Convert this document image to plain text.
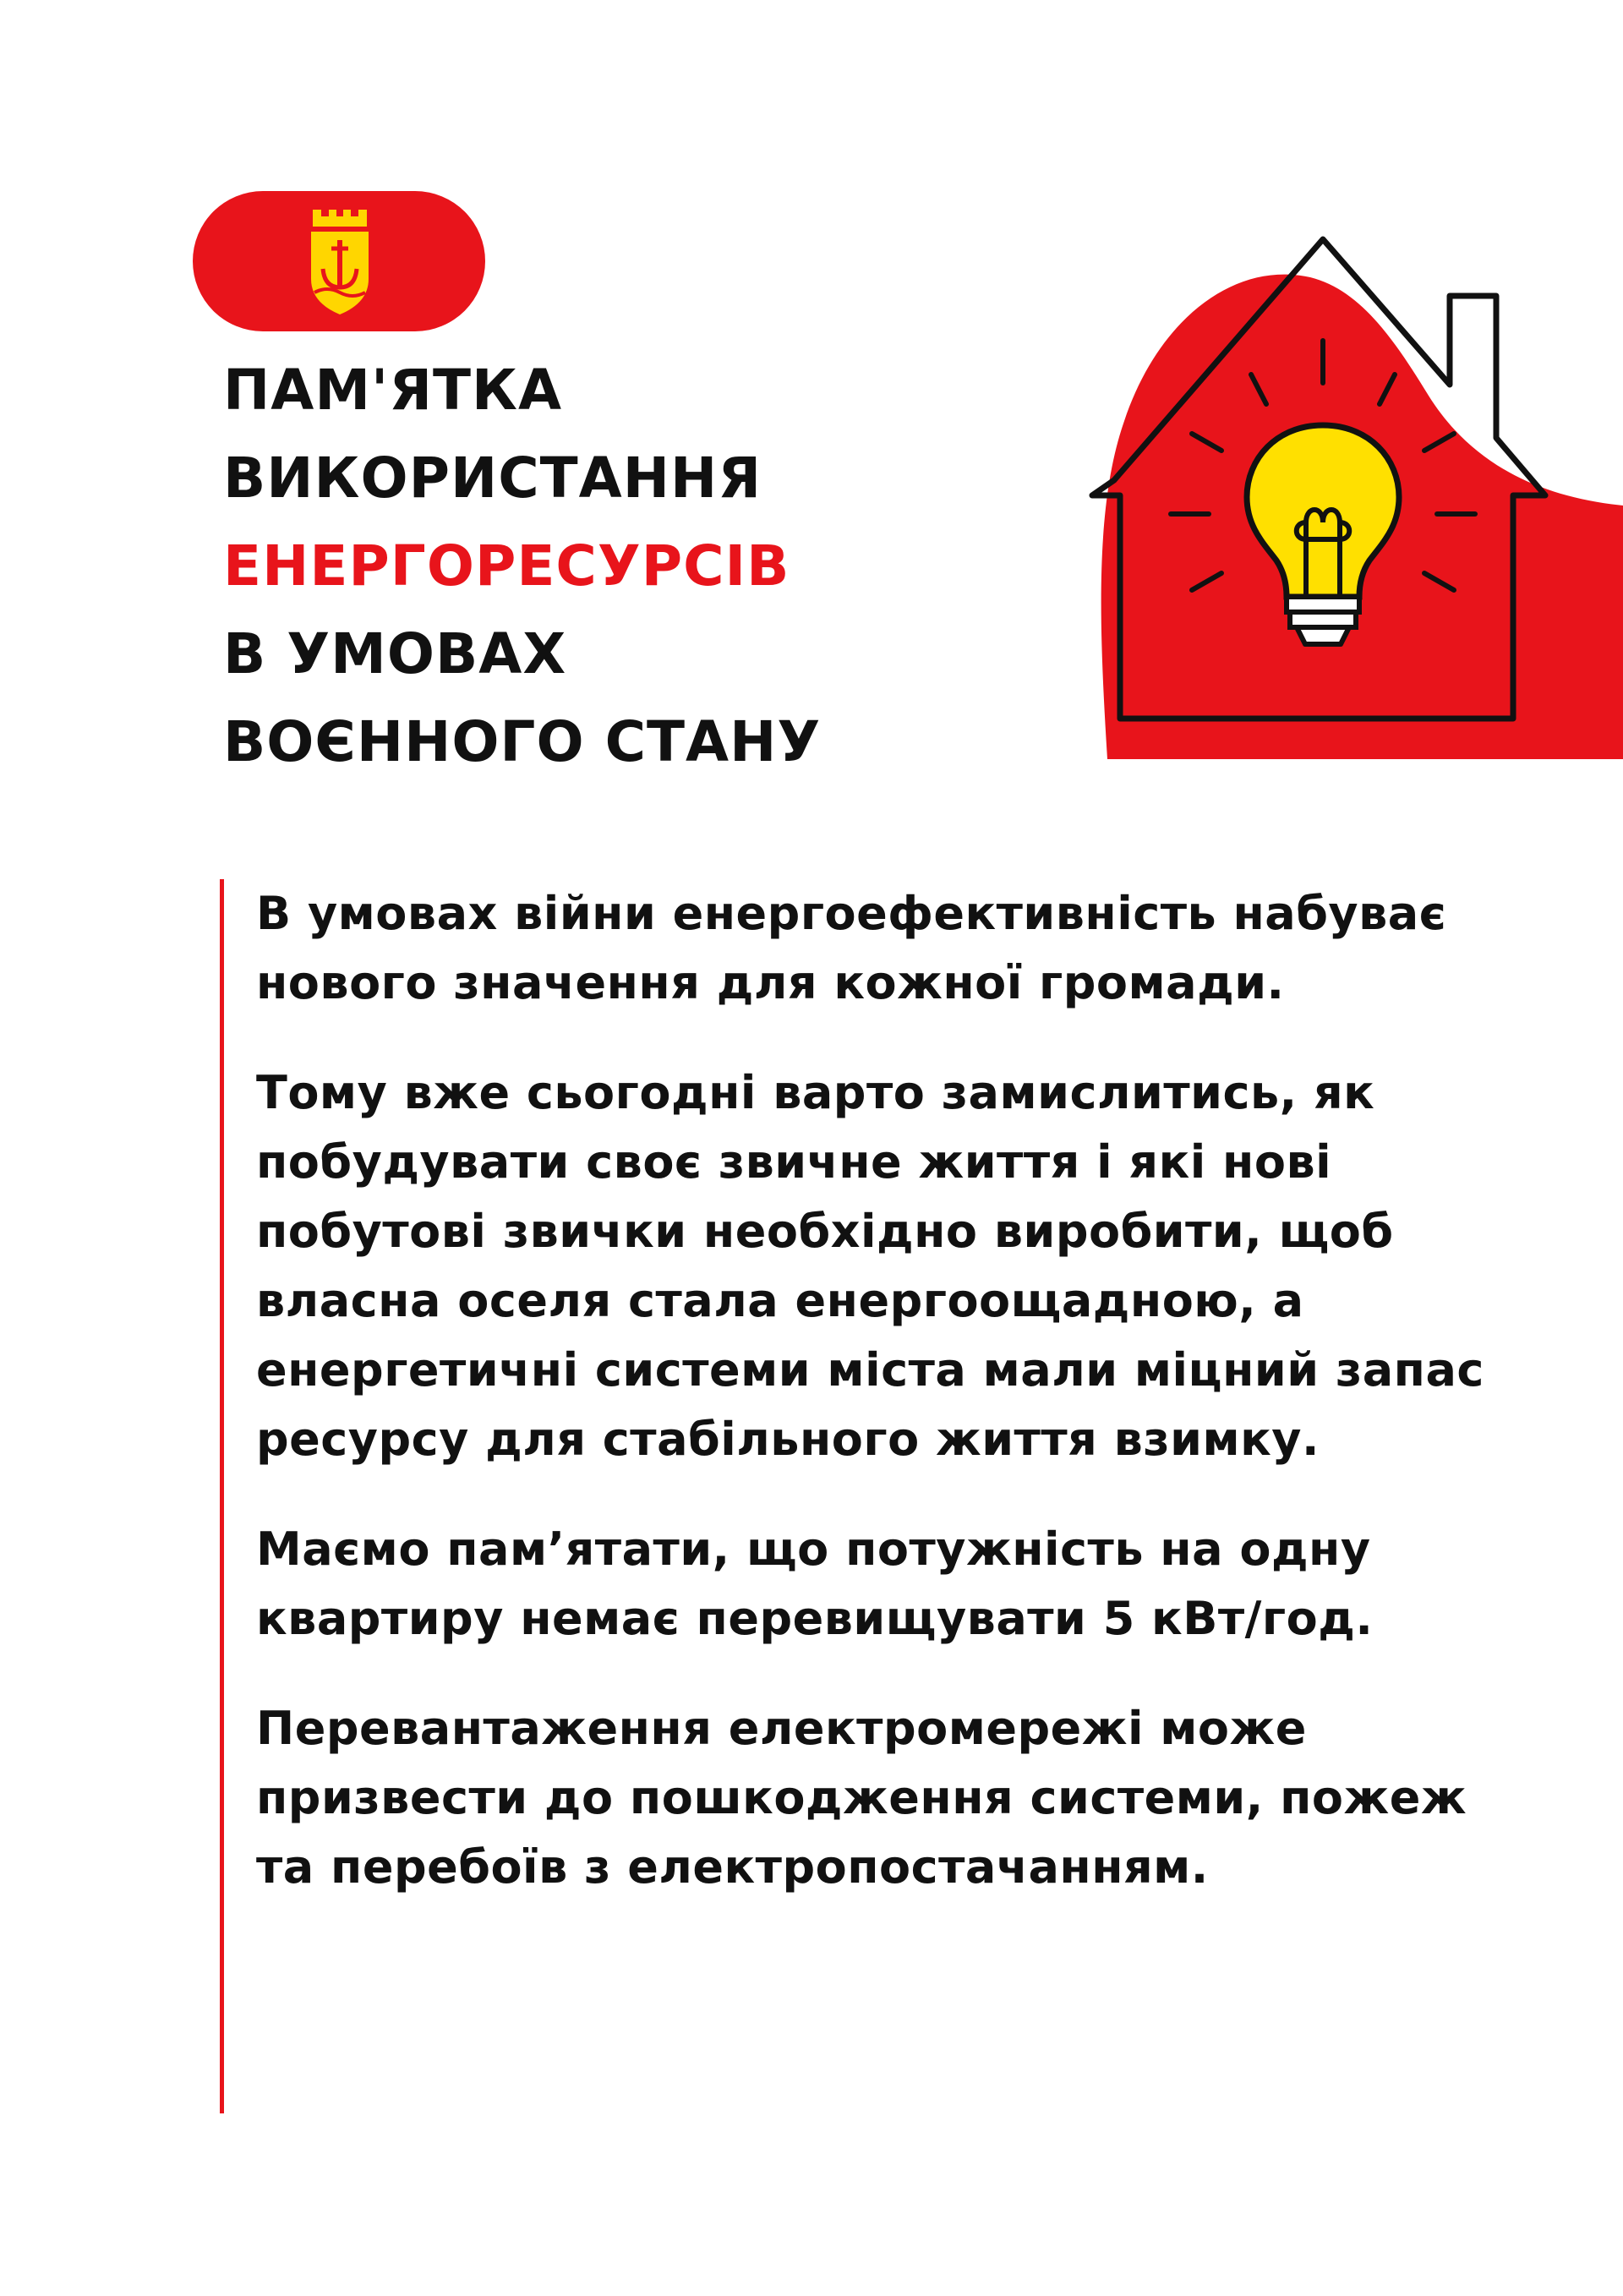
ПАМ'ЯТКА
ВИКОРИСТАННЯ
ЕНЕРГОРЕСУРСІВ
В УМОВАХ
ВОЄННОГО СТАНУ

В умовах війни енергоефективність набуває нового значення для кожної громади.

Тому вже сьогодні варто замислитись, як побудувати своє звичне життя і які нові побутові звички необхідно виробити, щоб власна оселя стала енергоощадною, а енергетичні системи міста мали міцний запас ресурсу для стабільного життя взимку.

Маємо пам’ятати, що потужність на одну квартиру немає перевищувати 5 кВт/год.

Перевантаження електромережі може призвести до пошкодження системи, пожеж та перебоїв з електропостачанням.
